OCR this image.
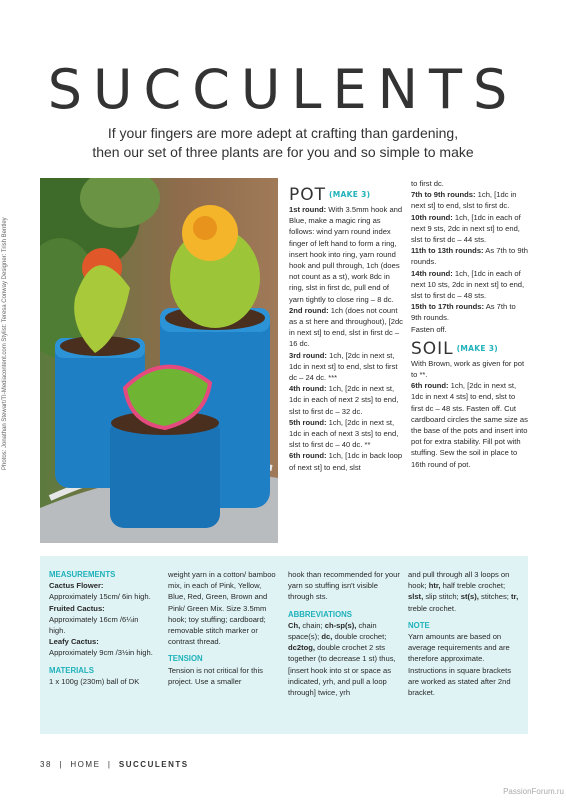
SUCCULENTS
If your fingers are more adept at crafting than gardening,
then our set of three plants are for you and so simple to make
Photos: Jonathan Stewart/TI-Mediacontent.com Stylist: Teresa Conway Designer: Trish Bentley
POT (MAKE 3)

1st round: With 3.5mm hook and Blue, make a magic ring as follows: wind yarn round index finger of left hand to form a ring, insert hook into ring, yarn round hook and pull through, 1ch (does not count as a st), work 8dc in ring, slst in first dc, pull end of yarn tightly to close ring – 8 dc.

2nd round: 1ch (does not count as a st here and throughout), [2dc in next st] to end, slst in first dc – 16 dc.

3rd round: 1ch, [2dc in next st, 1dc in next st] to end, slst to first dc – 24 dc. ***

4th round: 1ch, [2dc in next st, 1dc in each of next 2 sts] to end, slst to first dc – 32 dc.

5th round: 1ch, [2dc in next st, 1dc in each of next 3 sts] to end, slst to first dc – 40 dc. **

6th round: 1ch, [1dc in back loop of next st] to end, slst

to first dc.

7th to 9th rounds: 1ch, [1dc in next st] to end, slst to first dc.

10th round: 1ch, [1dc in each of next 9 sts, 2dc in next st] to end, slst to first dc – 44 sts.

11th to 13th rounds: As 7th to 9th rounds.

14th round: 1ch, [1dc in each of next 10 sts, 2dc in next st] to end, slst to first dc – 48 sts.

15th to 17th rounds: As 7th to 9th rounds.

Fasten off.

SOIL (MAKE 3)

With Brown, work as given for pot to **.

6th round: 1ch, [2dc in next st, 1dc in next 4 sts] to end, slst to first dc – 48 sts. Fasten off. Cut cardboard circles the same size as the base of the pots and insert into pot for extra stability. Fill pot with stuffing. Sew the soil in place to 16th round of pot.

MEASUREMENTS
Cactus Flower:
Approximately 15cm/ 6in high.
Fruited Cactus:
Approximately 16cm /6¼in high.
Leafy Cactus:
Approximately 9cm /3½in high.
MATERIALS
1 x 100g (230m) ball of DK
weight yarn in a cotton/ bamboo mix, in each of Pink, Yellow, Blue, Red, Green, Brown and Pink/ Green Mix. Size 3.5mm hook; toy stuffing; cardboard; removable stitch marker or contrast thread.
TENSION
Tension is not critical for this project. Use a smaller
hook than recommended for your yarn so stuffing isn't visible through sts.
ABBREVIATIONS
Ch, chain; ch-sp(s), chain space(s); dc, double crochet; dc2tog, double crochet 2 sts together (to decrease 1 st) thus, [insert hook into st or space as indicated, yrh, and pull a loop through] twice, yrh
and pull through all 3 loops on hook; htr, half treble crochet; slst, slip stitch; st(s), stitches; tr, treble crochet.
NOTE
Yarn amounts are based on average requirements and are therefore approximate. Instructions in square brackets are worked as stated after 2nd bracket.
38  |  HOME  |  SUCCULENTS
PassionForum.ru
